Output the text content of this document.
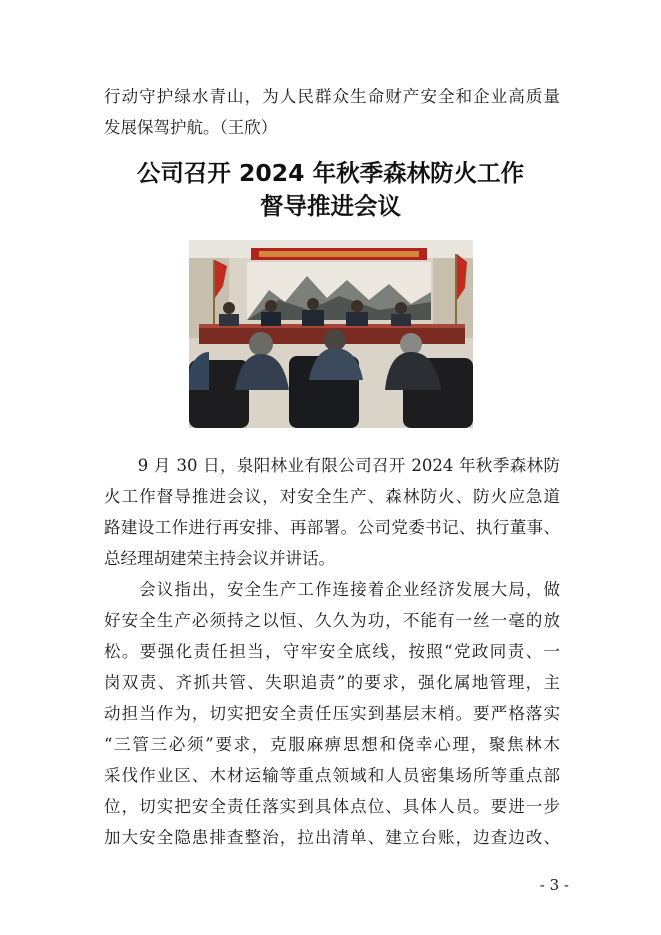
行动守护绿水青山，为人民群众生命财产安全和企业高质量
发展保驾护航。（王欣）
公司召开 2024 年秋季森林防火工作
督导推进会议
　　9 月 30 日，泉阳林业有限公司召开 2024 年秋季森林防
火工作督导推进会议，对安全生产、森林防火、防火应急道
路建设工作进行再安排、再部署。公司党委书记、执行董事、
总经理胡建荣主持会议并讲话。
　　会议指出，安全生产工作连接着企业经济发展大局，做
好安全生产必须持之以恒、久久为功，不能有一丝一毫的放
松。要强化责任担当，守牢安全底线，按照“党政同责、一
岗双责、齐抓共管、失职追责”的要求，强化属地管理，主
动担当作为，切实把安全责任压实到基层末梢。要严格落实
“三管三必须”要求，克服麻痹思想和侥幸心理，聚焦林木
采伐作业区、木材运输等重点领域和人员密集场所等重点部
位，切实把安全责任落实到具体点位、具体人员。要进一步
加大安全隐患排查整治，拉出清单、建立台账，边查边改、
- 3 -
